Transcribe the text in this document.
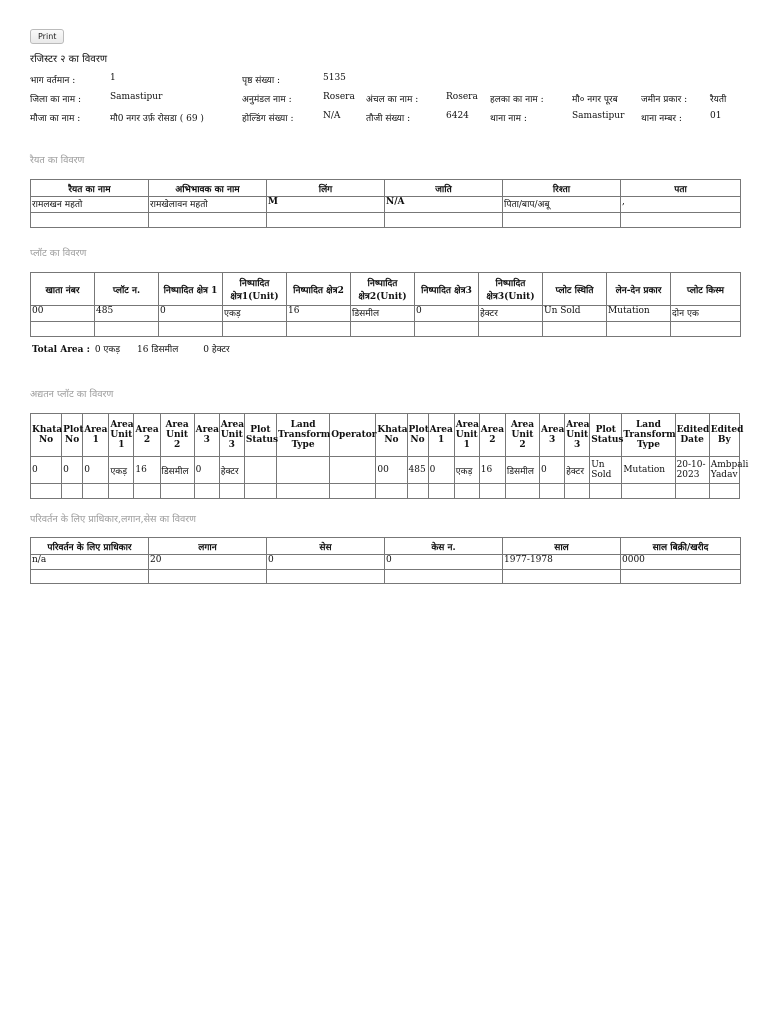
Print
रजिस्टर २ का विवरण
भाग वर्तमान :	1	पृष्ठ संख्या :	5135
जिला का नाम :	Samastipur	अनुमंडल नाम :	Rosera अंचल का नाम :	Rosera हलका का नाम :	मौ० नगर पूरब	जमीन प्रकार :	रैयती
मौजा का नाम :	मौ0 नगर उर्फ़ रोसडा ( 69 )	होल्डिंग संख्या :	N/A	तौजी संख्या :	6424 थाना नाम :	Samastipur थाना नम्बर :	01
रैयत का विवरण
रैयत का नाम	अभिभावक का नाम	लिंग	जाति	रिश्ता	पता
रामलखन महतो	रामखेलावन महतो	M	N/A	पिता/बाप/अबू	,

प्लॉट का विवरण
खाता नंबर	प्लॉट न.	निष्पादित क्षेत्र 1	निष्पादित क्षेत्र1(Unit)	निष्पादित क्षेत्र2	निष्पादित क्षेत्र2(Unit)	निष्पादित क्षेत्र3	निष्पादित क्षेत्र3(Unit)	प्लोट स्थिति	लेन-देन प्रकार	प्लोट किस्म
00	485	0	एकड़	16	डिसमील	0	हेक्टर	Un Sold	Mutation	दोन एक

Total Area : 0 एकड़ 16 डिसमील	0 हेक्टर
अद्यतन प्लॉट का विवरण
Khata No	Plot No	Area 1	Area Unit 1	Area 2	Area Unit 2	Area 3	Area Unit 3	Plot Status	Land Transform Type	Operator	Khata No	Plot No	Area 1	Area Unit 1	Area 2	Area Unit 2	Area 3	Area Unit 3	Plot Status	Land Transform Type	Edited Date	Edited By
0	0	0	एकड़	16	डिसमील	0	हेक्टर				00	485	0	एकड़	16	डिसमील	0	हेक्टर	Un Sold	Mutation	20-10-2023	Ambpali Yadav

परिवर्तन के लिए प्राधिकार,लगान,सेस का विवरण
परिवर्तन के लिए प्राधिकार	लगान	सेस	केस न.	साल	साल बिक्री/खरीद
n/a	20	0	0	1977-1978	0000
